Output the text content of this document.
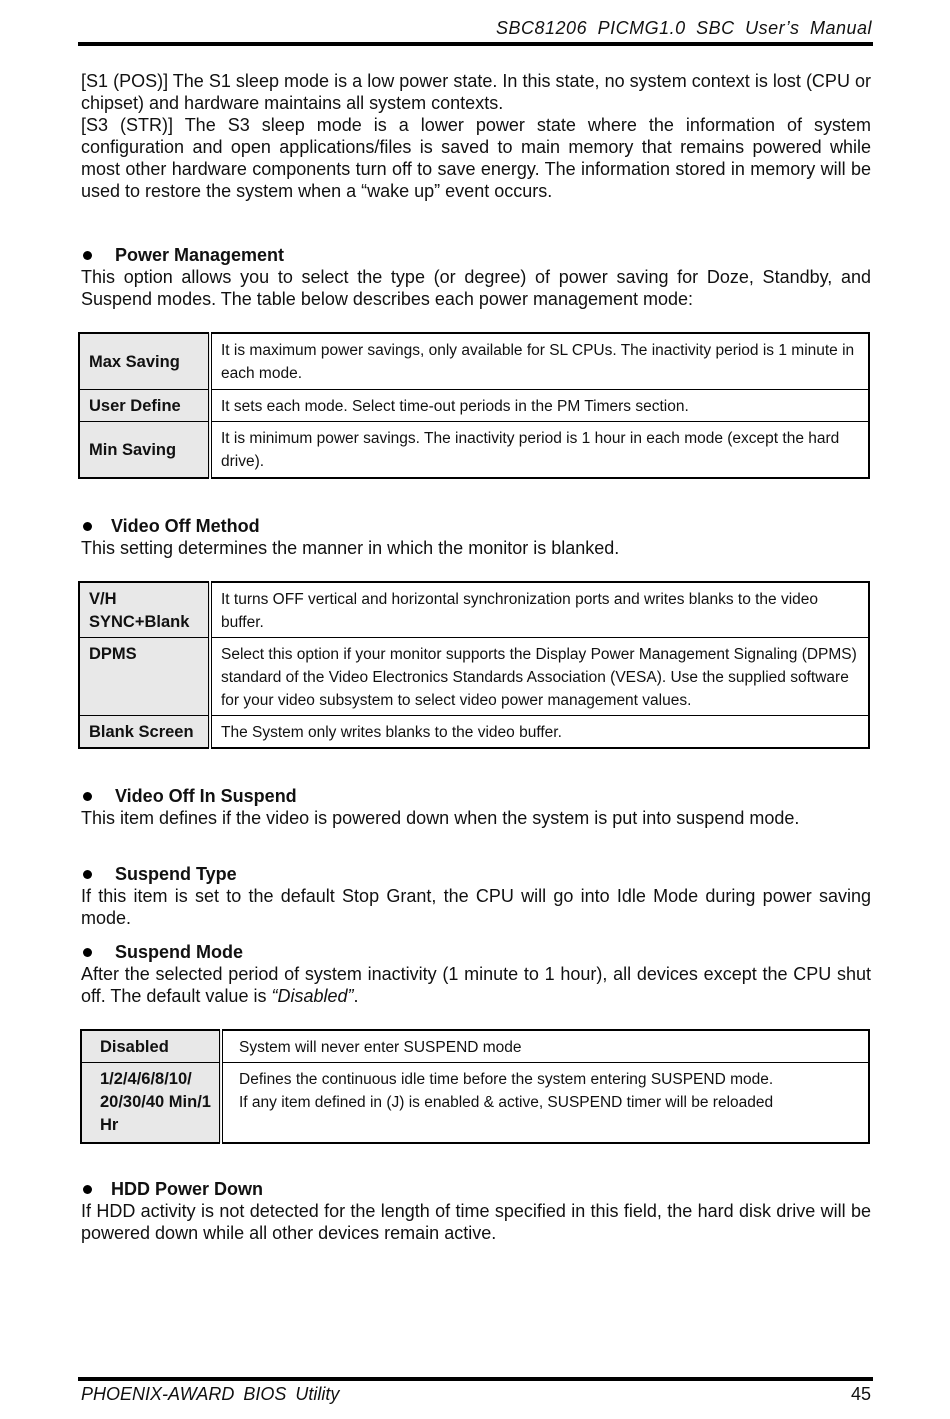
SBC81206 PICMG1.0 SBC User’s Manual

[S1 (POS)] The S1 sleep mode is a low power state. In this state, no system context is lost (CPU or chipset) and hardware maintains all system contexts.

[S3 (STR)] The S3 sleep mode is a lower power state where the information of system configuration and open applications/files is saved to main memory that remains powered while most other hardware components turn off to save energy. The information stored in memory will be used to restore the system when a “wake up” event occurs.

Power Management

This option allows you to select the type (or degree) of power saving for Doze, Standby, and Suspend modes. The table below describes each power management mode:

Max Saving	It is maximum power savings, only available for SL CPUs. The inactivity period is 1 minute in each mode.
User Define	It sets each mode. Select time-out periods in the PM Timers section.
Min Saving	It is minimum power savings. The inactivity period is 1 hour in each mode (except the hard drive).
Video Off Method

This setting determines the manner in which the monitor is blanked.

V/H SYNC+Blank	It turns OFF vertical and horizontal synchronization ports and writes blanks to the video buffer.
DPMS	Select this option if your monitor supports the Display Power Management Signaling (DPMS) standard of the Video Electronics Standards Association (VESA). Use the supplied software for your video subsystem to select video power management values.
Blank Screen	The System only writes blanks to the video buffer.
Video Off In Suspend

This item defines if the video is powered down when the system is put into suspend mode.

Suspend Type

If this item is set to the default Stop Grant, the CPU will go into Idle Mode during power saving mode.

Suspend Mode

After the selected period of system inactivity (1 minute to 1 hour), all devices except the CPU shut off. The default value is “Disabled”.

Disabled	System will never enter SUSPEND mode
1/2/4/6/8/10/ 20/30/40 Min/1 Hr	Defines the continuous idle time before the system entering SUSPEND mode.
If any item defined in (J) is enabled & active, SUSPEND timer will be reloaded
HDD Power Down

If HDD activity is not detected for the length of time specified in this field, the hard disk drive will be powered down while all other devices remain active.

PHOENIX-AWARD BIOS Utility	45
